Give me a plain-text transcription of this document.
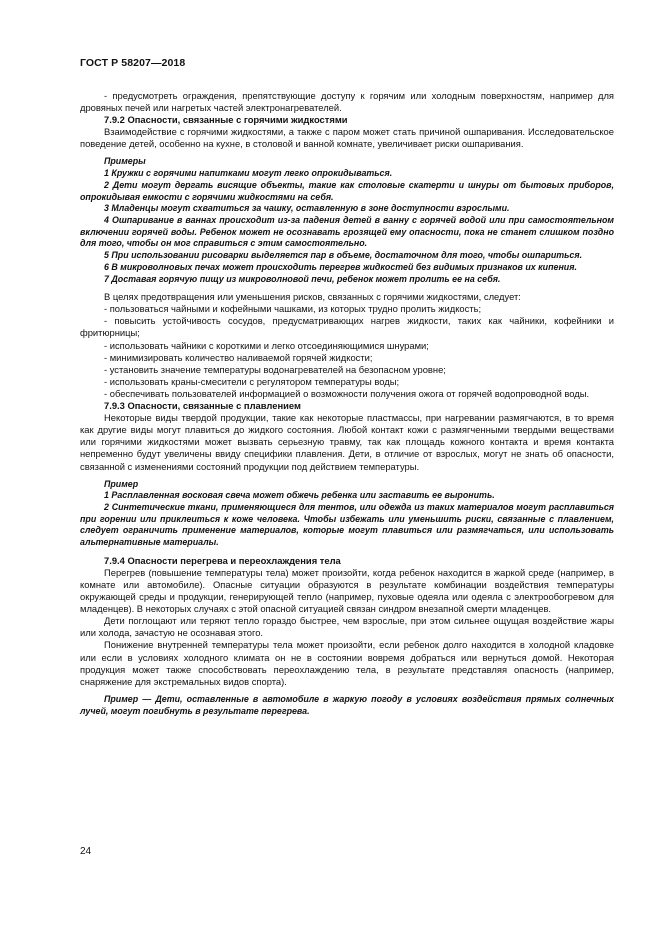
ГОСТ Р 58207—2018

- предусмотреть ограждения, препятствующие доступу к горячим или холодным поверхностям, например для дровяных печей или нагретых частей электронагревателей.

7.9.2 Опасности, связанные с горячими жидкостями

Взаимодействие с горячими жидкостями, а также с паром может стать причиной ошпаривания. Исследовательское поведение детей, особенно на кухне, в столовой и ванной комнате, увеличивает риски ошпаривания.

Примеры

1 Кружки с горячими напитками могут легко опрокидываться.

2 Дети могут дергать висящие объекты, такие как столовые скатерти и шнуры от бытовых приборов, опрокидывая емкости с горячими жидкостями на себя.

3 Младенцы могут схватиться за чашку, оставленную в зоне доступности взрослыми.

4 Ошпаривание в ваннах происходит из-за падения детей в ванну с горячей водой или при самостоятельном включении горячей воды. Ребенок может не осознавать грозящей ему опасности, пока не станет слишком поздно для того, чтобы он мог справиться с этим самостоятельно.

5 При использовании рисоварки выделяется пар в объеме, достаточном для того, чтобы ошпариться.

6 В микроволновых печах может происходить перегрев жидкостей без видимых признаков их кипения.

7 Доставая горячую пищу из микроволновой печи, ребенок может пролить ее на себя.

В целях предотвращения или уменьшения рисков, связанных с горячими жидкостями, следует:

- пользоваться чайными и кофейными чашками, из которых трудно пролить жидкость;

- повысить устойчивость сосудов, предусматривающих нагрев жидкости, таких как чайники, кофейники и фритюрницы;

- использовать чайники с короткими и легко отсоединяющимися шнурами;

- минимизировать количество наливаемой горячей жидкости;

- установить значение температуры водонагревателей на безопасном уровне;

- использовать краны-смесители с регулятором температуры воды;

- обеспечивать пользователей информацией о возможности получения ожога от горячей водопроводной воды.

7.9.3 Опасности, связанные с плавлением

Некоторые виды твердой продукции, такие как некоторые пластмассы, при нагревании размягчаются, в то время как другие виды могут плавиться до жидкого состояния. Любой контакт кожи с размягченными твердыми веществами или горячими жидкостями может вызвать серьезную травму, так как площадь кожного контакта и время контакта непременно будут увеличены ввиду специфики плавления. Дети, в отличие от взрослых, могут не знать об опасности, связанной с изменениями состояний продукции под действием температуры.

Пример

1 Расплавленная восковая свеча может обжечь ребенка или заставить ее выронить.

2 Синтетические ткани, применяющиеся для тентов, или одежда из таких материалов могут расплавиться при горении или приклеиться к коже человека. Чтобы избежать или уменьшить риски, связанные с плавлением, следует ограничить применение материалов, которые могут плавиться или размягчаться, или использовать альтернативные материалы.

7.9.4 Опасности перегрева и переохлаждения тела

Перегрев (повышение температуры тела) может произойти, когда ребенок находится в жаркой среде (например, в комнате или автомобиле). Опасные ситуации образуются в результате комбинации воздействия температуры окружающей среды и продукции, генерирующей тепло (например, пуховые одеяла или одеяла с электрообогревом для младенцев). В некоторых случаях с этой опасной ситуацией связан синдром внезапной смерти младенцев.

Дети поглощают или теряют тепло гораздо быстрее, чем взрослые, при этом сильнее ощущая воздействие жары или холода, зачастую не осознавая этого.

Понижение внутренней температуры тела может произойти, если ребенок долго находится в холодной кладовке или если в условиях холодного климата он не в состоянии вовремя добраться или вернуться домой. Некоторая продукция может также способствовать переохлаждению тела, в результате представляя опасность (например, снаряжение для экстремальных видов спорта).

Пример — Дети, оставленные в автомобиле в жаркую погоду в условиях воздействия прямых солнечных лучей, могут погибнуть в результате перегрева.

24
